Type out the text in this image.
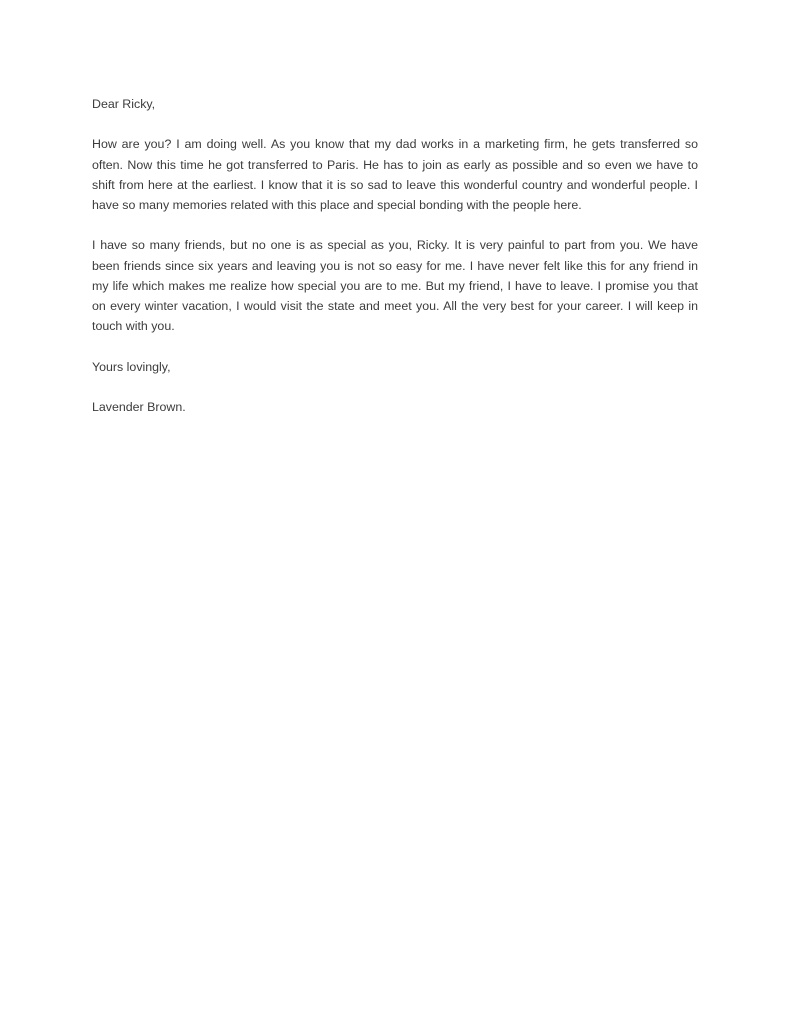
Dear Ricky,

How are you? I am doing well. As you know that my dad works in a marketing firm, he gets transferred so often. Now this time he got transferred to Paris. He has to join as early as possible and so even we have to shift from here at the earliest. I know that it is so sad to leave this wonderful country and wonderful people. I have so many memories related with this place and special bonding with the people here.

I have so many friends, but no one is as special as you, Ricky. It is very painful to part from you. We have been friends since six years and leaving you is not so easy for me. I have never felt like this for any friend in my life which makes me realize how special you are to me. But my friend, I have to leave. I promise you that on every winter vacation, I would visit the state and meet you. All the very best for your career. I will keep in touch with you.

Yours lovingly,

Lavender Brown.
